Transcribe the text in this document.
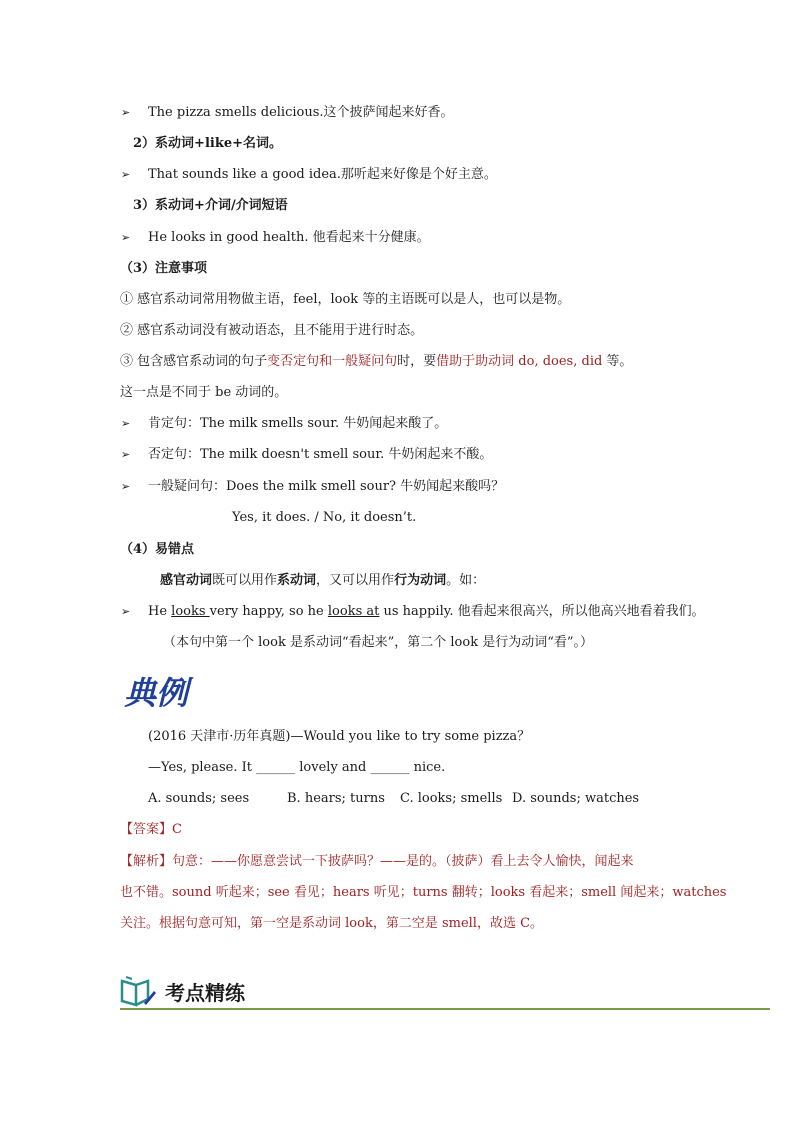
➢ The pizza smells delicious.这个披萨闻起来好香。
2）系动词+like+名词。
➢ That sounds like a good idea.那听起来好像是个好主意。
3）系动词+介词/介词短语
➢ He looks in good health. 他看起来十分健康。
（3）注意事项
① 感官系动词常用物做主语，feel，look 等的主语既可以是人，也可以是物。
② 感官系动词没有被动语态，且不能用于进行时态。
③ 包含感官系动词的句子变否定句和一般疑问句时，要借助于助动词 do, does, did 等。
这一点是不同于 be 动词的。
➢ 肯定句：The milk smells sour. 牛奶闻起来酸了。
➢ 否定句：The milk doesn't smell sour. 牛奶闲起来不酸。
➢ 一般疑问句：Does the milk smell sour? 牛奶闻起来酸吗？
Yes, it does. / No, it doesn’t.
（4）易错点
感官动词既可以用作系动词，又可以用作行为动词。如：
➢ He looks very happy, so he looks at us happily. 他看起来很高兴，所以他高兴地看着我们。
（本句中第一个 look 是系动词“看起来”，第二个 look 是行为动词“看”。）
典例
(2016 天津市·历年真题)—Would you like to try some pizza？
—Yes, please. It ______ lovely and ______ nice.
A. sounds; sees	B. hears; turns C. looks; smells D. sounds; watches
【答案】C
【解析】句意：——你愿意尝试一下披萨吗？——是的。（披萨）看上去令人愉快，闻起来
也不错。sound 听起来；see 看见；hears 听见；turns 翻转；looks 看起来；smell 闻起来；watches
关注。根据句意可知，第一空是系动词 look，第二空是 smell，故选 C。
考点精练
